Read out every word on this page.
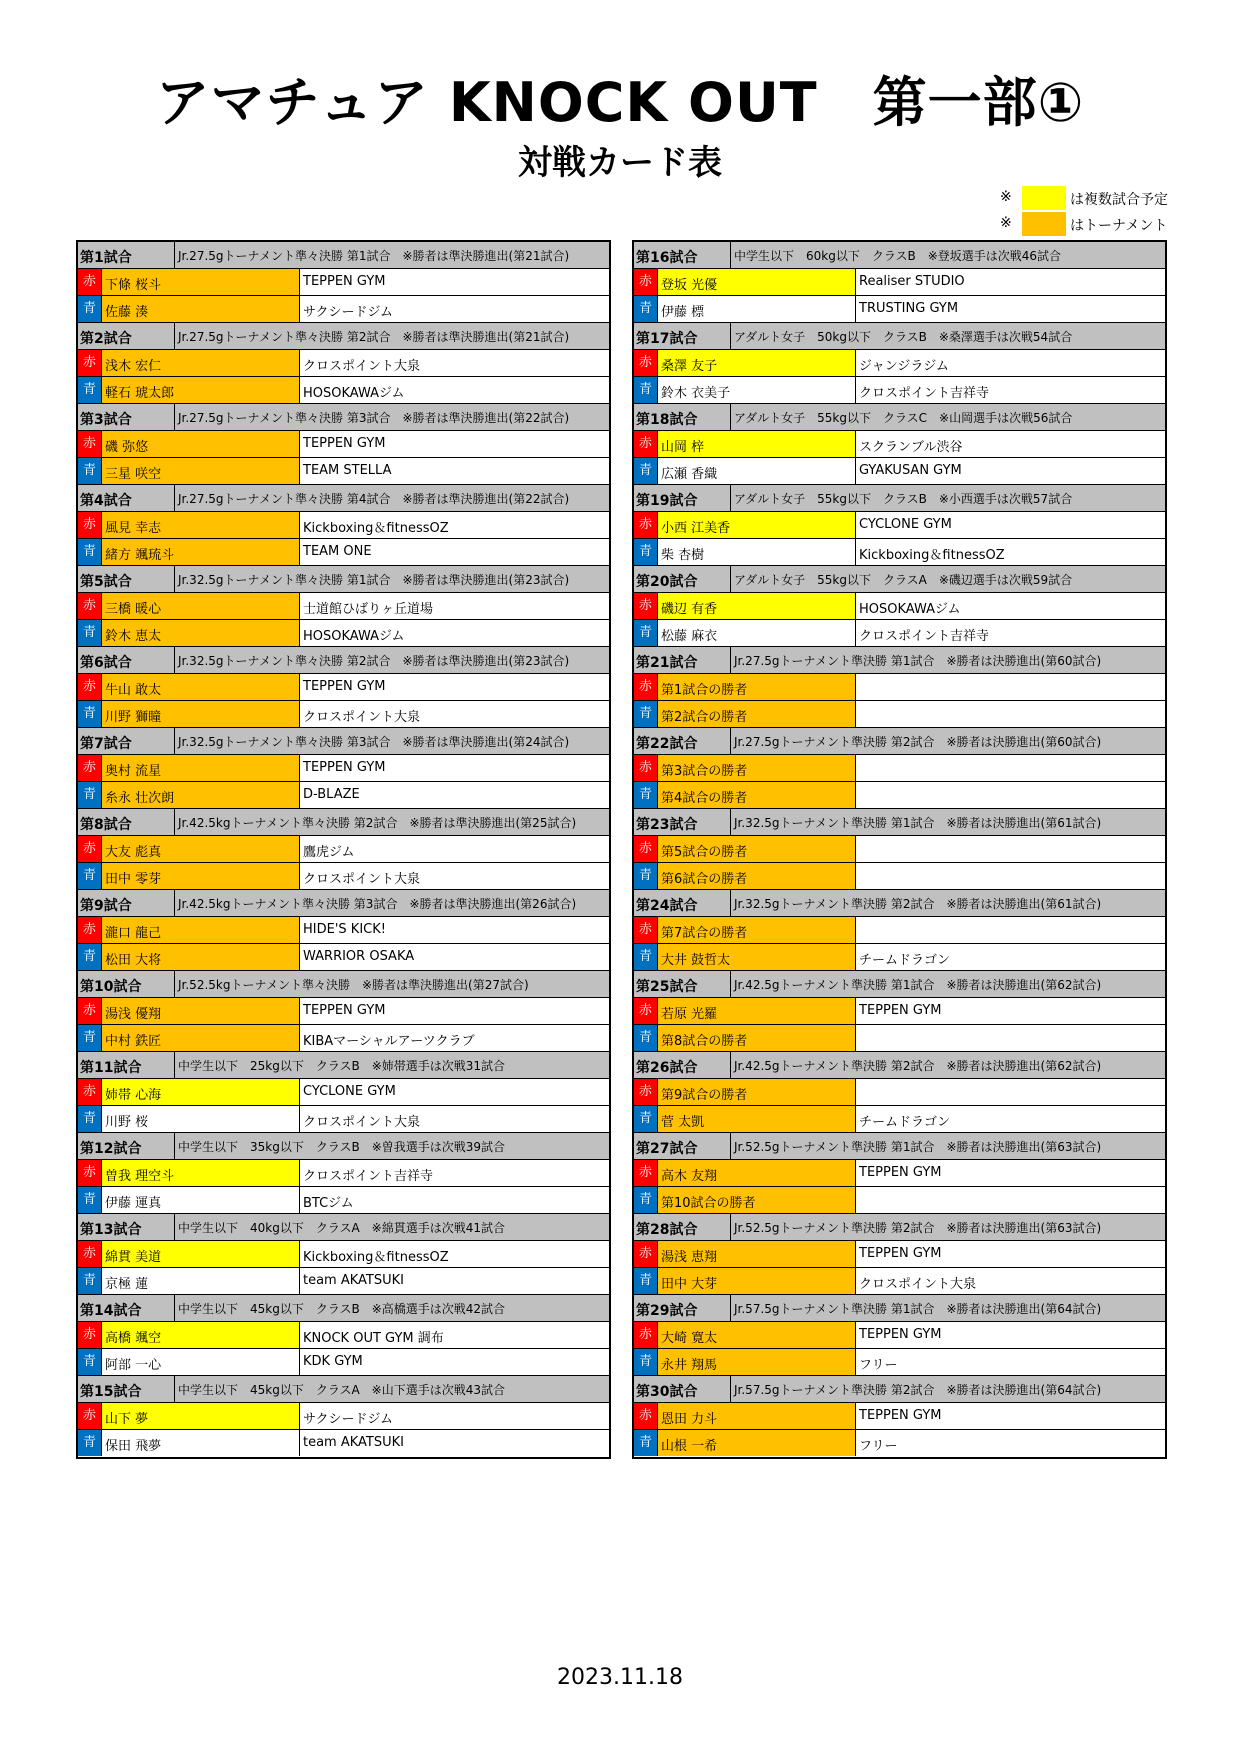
アマチュア KNOCK OUT　第一部①
対戦カード表
※	は複数試合予定
※	はトーナメント
第1試合	Jr.27.5gトーナメント準々決勝 第1試合　※勝者は準決勝進出(第21試合)
赤 下條 桜斗	TEPPEN GYM
青 佐藤 湊	サクシードジム
第2試合	Jr.27.5gトーナメント準々決勝 第2試合　※勝者は準決勝進出(第21試合)
赤 浅木 宏仁	クロスポイント大泉
青 軽石 琥太郎	HOSOKAWAジム
第3試合	Jr.27.5gトーナメント準々決勝 第3試合　※勝者は準決勝進出(第22試合)
赤 磯 弥悠	TEPPEN GYM
青 三星 咲空	TEAM STELLA
第4試合	Jr.27.5gトーナメント準々決勝 第4試合　※勝者は準決勝進出(第22試合)
赤 風見 幸志	Kickboxing＆fitnessOZ
青 緒方 颯琉斗	TEAM ONE
第5試合	Jr.32.5gトーナメント準々決勝 第1試合　※勝者は準決勝進出(第23試合)
赤 三橋 暖心	士道館ひばりヶ丘道場
青 鈴木 恵太	HOSOKAWAジム
第6試合	Jr.32.5gトーナメント準々決勝 第2試合　※勝者は準決勝進出(第23試合)
赤 牛山 敢太	TEPPEN GYM
青 川野 獅瞳	クロスポイント大泉
第7試合	Jr.32.5gトーナメント準々決勝 第3試合　※勝者は準決勝進出(第24試合)
赤 奥村 流星	TEPPEN GYM
青 糸永 壮次朗	D-BLAZE
第8試合	Jr.42.5kgトーナメント準々決勝 第2試合　※勝者は準決勝進出(第25試合)
赤 大友 彪真	鷹虎ジム
青 田中 零芽	クロスポイント大泉
第9試合	Jr.42.5kgトーナメント準々決勝 第3試合　※勝者は準決勝進出(第26試合)
赤 瀧口 龍己	HIDE'S KICK!
青 松田 大将	WARRIOR OSAKA
第10試合	Jr.52.5kgトーナメント準々決勝　※勝者は準決勝進出(第27試合)
赤 湯浅 優翔	TEPPEN GYM
青 中村 鉄匠	KIBAマーシャルアーツクラブ
第11試合	中学生以下　25kg以下　クラスB　※姉帯選手は次戦31試合
赤 姉帯 心海	CYCLONE GYM
青 川野 桜	クロスポイント大泉
第12試合	中学生以下　35kg以下　クラスB　※曽我選手は次戦39試合
赤 曽我 理空斗	クロスポイント吉祥寺
青 伊藤 運真	BTCジム
第13試合	中学生以下　40kg以下　クラスA　※綿貫選手は次戦41試合
赤 綿貫 美道	Kickboxing＆fitnessOZ
青 京極 蓮	team AKATSUKI
第14試合	中学生以下　45kg以下　クラスB　※高橋選手は次戦42試合
赤 高橋 颯空	KNOCK OUT GYM 調布
青 阿部 一心	KDK GYM
第15試合	中学生以下　45kg以下　クラスA　※山下選手は次戦43試合
赤 山下 夢	サクシードジム
青 保田 飛夢	team AKATSUKI
第16試合	中学生以下　60kg以下　クラスB　※登坂選手は次戦46試合
赤 登坂 光優	Realiser STUDIO
青 伊藤 標	TRUSTING GYM
第17試合	アダルト女子　50kg以下　クラスB　※桑澤選手は次戦54試合
赤 桑澤 友子	ジャンジラジム
青 鈴木 衣美子	クロスポイント吉祥寺
第18試合	アダルト女子　55kg以下　クラスC　※山岡選手は次戦56試合
赤 山岡 梓	スクランブル渋谷
青 広瀬 香織	GYAKUSAN GYM
第19試合	アダルト女子　55kg以下　クラスB　※小西選手は次戦57試合
赤 小西 江美香	CYCLONE GYM
青 柴 杏樹	Kickboxing＆fitnessOZ
第20試合	アダルト女子　55kg以下　クラスA　※磯辺選手は次戦59試合
赤 磯辺 有香	HOSOKAWAジム
青 松藤 麻衣	クロスポイント吉祥寺
第21試合	Jr.27.5gトーナメント準決勝 第1試合　※勝者は決勝進出(第60試合)
赤 第1試合の勝者
青 第2試合の勝者
第22試合	Jr.27.5gトーナメント準決勝 第2試合　※勝者は決勝進出(第60試合)
赤 第3試合の勝者
青 第4試合の勝者
第23試合	Jr.32.5gトーナメント準決勝 第1試合　※勝者は決勝進出(第61試合)
赤 第5試合の勝者
青 第6試合の勝者
第24試合	Jr.32.5gトーナメント準決勝 第2試合　※勝者は決勝進出(第61試合)
赤 第7試合の勝者
青 大井 鼓哲太	チームドラゴン
第25試合	Jr.42.5gトーナメント準決勝 第1試合　※勝者は決勝進出(第62試合)
赤 若原 光羅	TEPPEN GYM
青 第8試合の勝者
第26試合	Jr.42.5gトーナメント準決勝 第2試合　※勝者は決勝進出(第62試合)
赤 第9試合の勝者
青 菅 太凱	チームドラゴン
第27試合	Jr.52.5gトーナメント準決勝 第1試合　※勝者は決勝進出(第63試合)
赤 高木 友翔	TEPPEN GYM
青 第10試合の勝者
第28試合	Jr.52.5gトーナメント準決勝 第2試合　※勝者は決勝進出(第63試合)
赤 湯浅 恵翔	TEPPEN GYM
青 田中 大芽	クロスポイント大泉
第29試合	Jr.57.5gトーナメント準決勝 第1試合　※勝者は決勝進出(第64試合)
赤 大崎 寛太	TEPPEN GYM
青 永井 翔馬	フリー
第30試合	Jr.57.5gトーナメント準決勝 第2試合　※勝者は決勝進出(第64試合)
赤 恩田 力斗	TEPPEN GYM
青 山根 一希	フリー
2023.11.18
